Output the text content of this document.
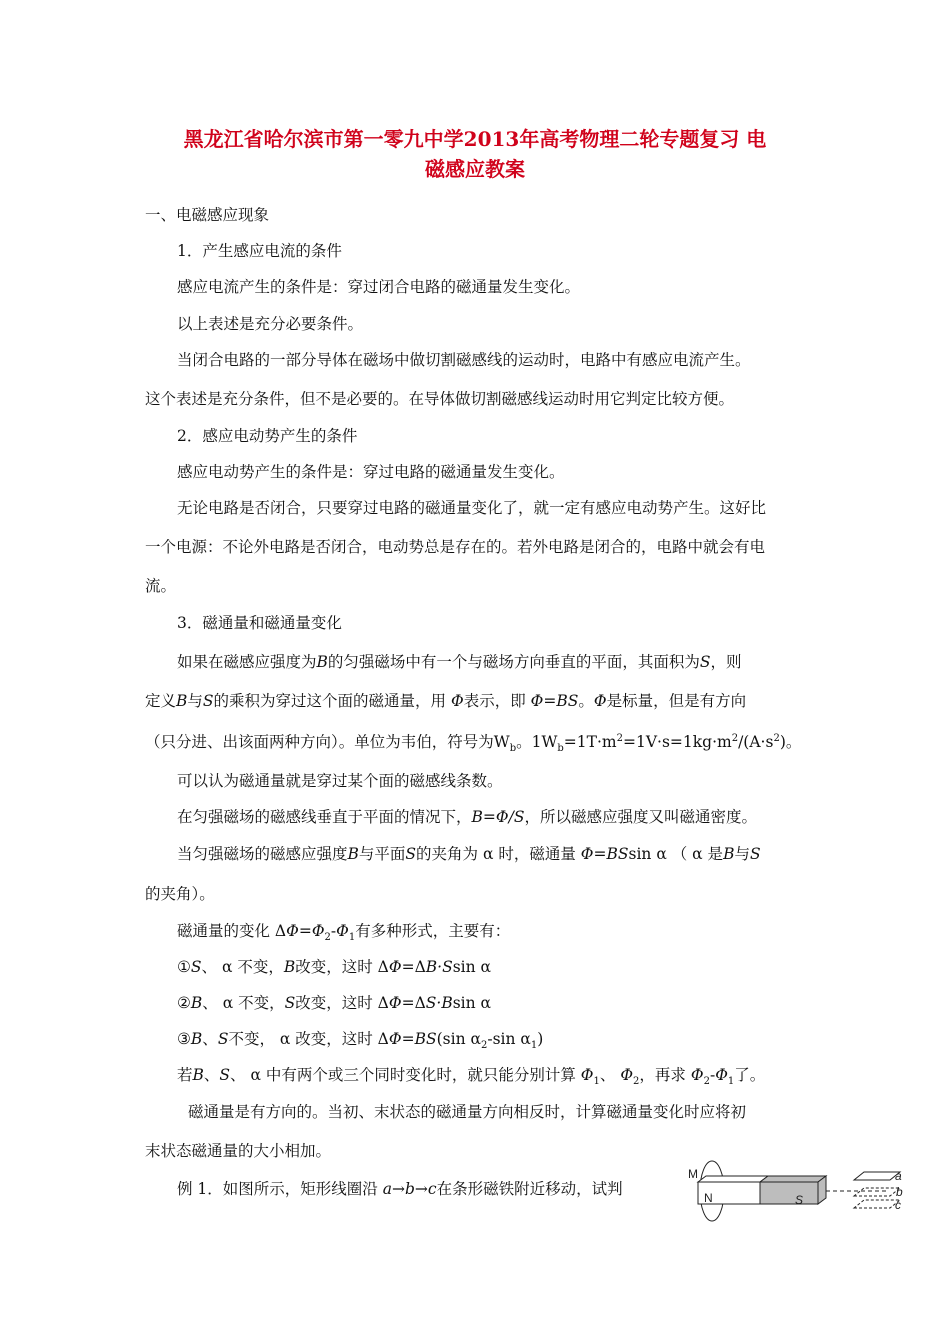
黑龙江省哈尔滨市第一零九中学2013年高考物理二轮专题复习 电
磁感应教案
一、电磁感应现象
1．产生感应电流的条件
感应电流产生的条件是：穿过闭合电路的磁通量发生变化。
以上表述是充分必要条件。
当闭合电路的一部分导体在磁场中做切割磁感线的运动时，电路中有感应电流产生。
这个表述是充分条件，但不是必要的。在导体做切割磁感线运动时用它判定比较方便。
2．感应电动势产生的条件
感应电动势产生的条件是：穿过电路的磁通量发生变化。
无论电路是否闭合，只要穿过电路的磁通量变化了，就一定有感应电动势产生。这好比
一个电源：不论外电路是否闭合，电动势总是存在的。若外电路是闭合的，电路中就会有电
流。
3．磁通量和磁通量变化
如果在磁感应强度为B的匀强磁场中有一个与磁场方向垂直的平面，其面积为S，则
定义B与S的乘积为穿过这个面的磁通量，用 Φ表示，即 Φ=BS。Φ是标量，但是有方向
（只分进、出该面两种方向）。单位为韦伯，符号为$W_b$。$1W_b=1T\cdot m^2=1V\cdot s=1kg\cdot m^2/(A\cdot s^2)$。
可以认为磁通量就是穿过某个面的磁感线条数。
在匀强磁场的磁感线垂直于平面的情况下，B=Φ/S，所以磁感应强度又叫磁通密度。
当匀强磁场的磁感应强度B与平面S的夹角为 α 时，磁通量 Φ=BSsin α （ α 是B与S
的夹角）。
磁通量的变化 $\Delta\Phi=\Phi_2-\Phi_1$有多种形式，主要有：
①S、 α 不变，B改变，这时 ΔΦ=ΔB·Ssin α
②B、 α 不变，S改变，这时 ΔΦ=ΔS·Bsin α
③B、S不变， α 改变，这时 ΔΦ=BS(sin $\alpha_2-\sin$ $\alpha_1$)
若B、S、 α 中有两个或三个同时变化时，就只能分别计算 $\Phi_1$、 $\Phi_2$，再求 $\Phi_2-\Phi_1$了。
磁通量是有方向的。当初、末状态的磁通量方向相反时，计算磁通量变化时应将初
末状态磁通量的大小相加。
例 1．如图所示，矩形线圈沿 a→b→c在条形磁铁附近移动，试判
M
N	S
a
b
c
